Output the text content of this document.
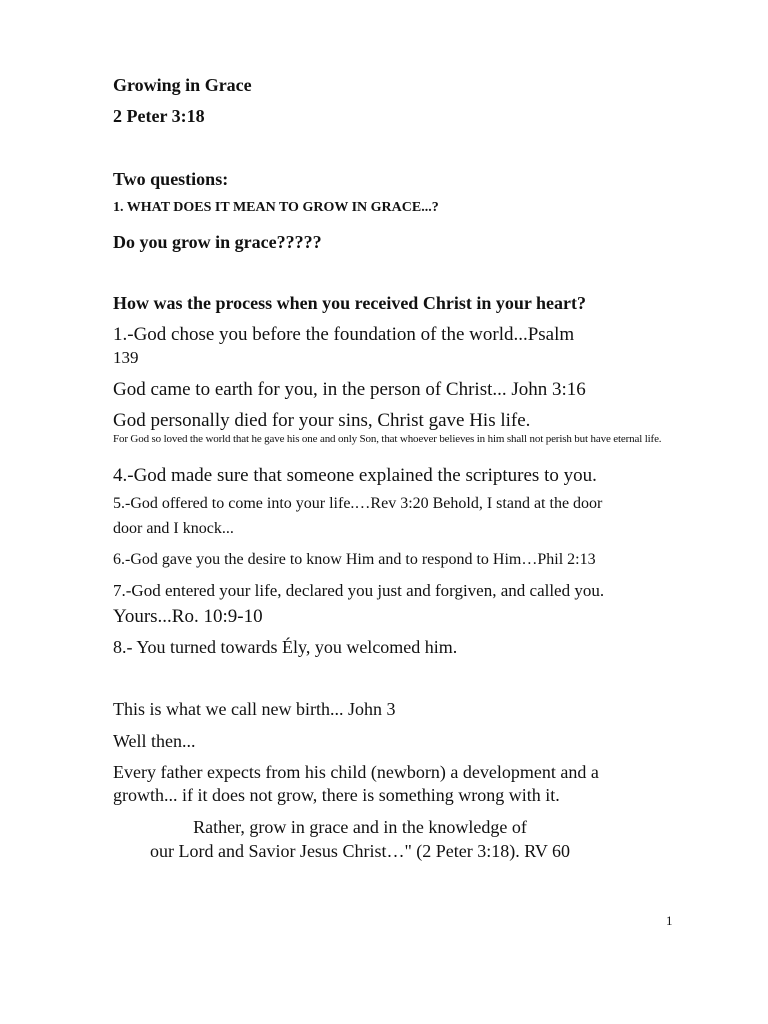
Growing in Grace
2 Peter 3:18
Two questions:
1. WHAT DOES IT MEAN TO GROW IN GRACE...?
Do you grow in grace?????
How was the process when you received Christ in your heart?
1.-God chose you before the foundation of the world...Psalm
139
God came to earth for you, in the person of Christ... John 3:16
God personally died for your sins, Christ gave His life.
For God so loved the world that he gave his one and only Son, that whoever believes in him shall not perish but have eternal life.
4.-God made sure that someone explained the scriptures to you.
5.-God offered to come into your life.…Rev 3:20 Behold, I stand at the door
door and I knock...
6.-God gave you the desire to know Him and to respond to Him…Phil 2:13
7.-God entered your life, declared you just and forgiven, and called you.
Yours...Ro. 10:9-10
8.- You turned towards Ély, you welcomed him.
This is what we call new birth... John 3
Well then...
Every father expects from his child (newborn) a development and a
growth... if it does not grow, there is something wrong with it.
Rather, grow in grace and in the knowledge of
our Lord and Savior Jesus Christ…" (2 Peter 3:18). RV 60
1
